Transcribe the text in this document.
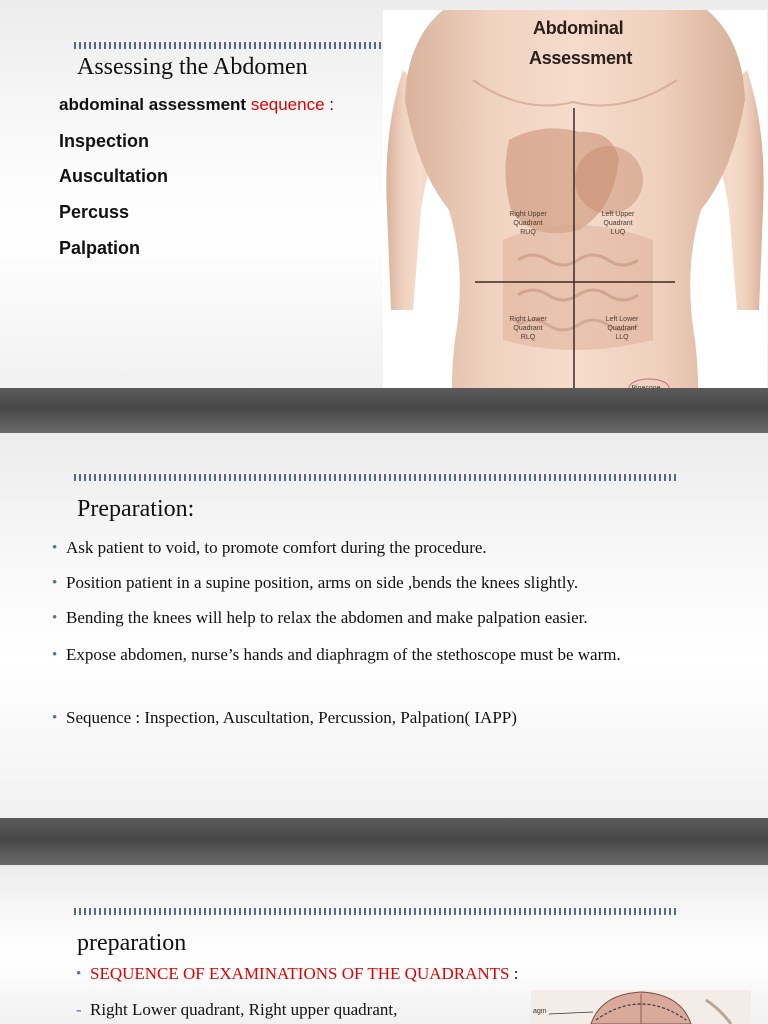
Assessing the Abdomen
abdominal assessment sequence :
Inspection
Auscultation
Percuss
Palpation
Abdominal
Assessment
Right Upper
Quadrant
RUQ
Left Upper
Quadrant
LUQ
Right Lower
Quadrant
RLQ
Left Lower
Quadrant
LLQ
Preparation:
• Ask patient to void, to promote comfort during the procedure.
• Position patient in a supine position, arms on side ,bends the knees slightly.
• Bending the knees will help to relax the abdomen and make palpation easier.
• Expose abdomen, nurse’s hands and diaphragm of the stethoscope must be warm.
• Sequence : Inspection, Auscultation, Percussion, Palpation( IAPP)
preparation
• SEQUENCE OF EXAMINATIONS OF THE QUADRANTS :
- Right Lower quadrant, Right upper quadrant,	agm
